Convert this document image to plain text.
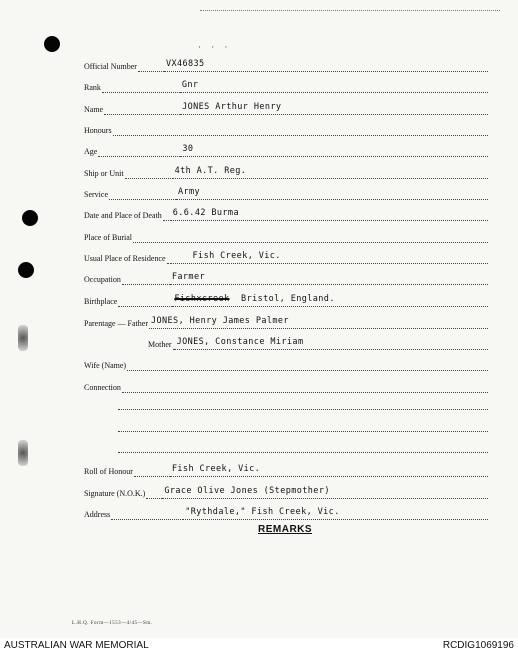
· · ·
Official Number	VX46835
Rank	Gnr
Name	JONES Arthur Henry
Honours
Age	30
Ship or Unit	4th A.T. Reg.
Service	Army
Date and Place of Death 6.6.42 Burma
Place of Burial
Usual Place of Residence	Fish Creek, Vic.
Occupation	Farmer
Birthplace	Fishxcreek Bristol, England.
Parentage — Father JONES, Henry James Palmer
Mother JONES, Constance Miriam
Wife (Name)
Connection
Roll of Honour	Fish Creek, Vic.
Signature (N.O.K.) Grace Olive Jones (Stepmother)
Address	"Rythdale," Fish Creek, Vic.
REMARKS
L.H.Q. Form—1553—4/45—Sm.
AUSTRALIAN WAR MEMORIAL	RCDIG1069196
